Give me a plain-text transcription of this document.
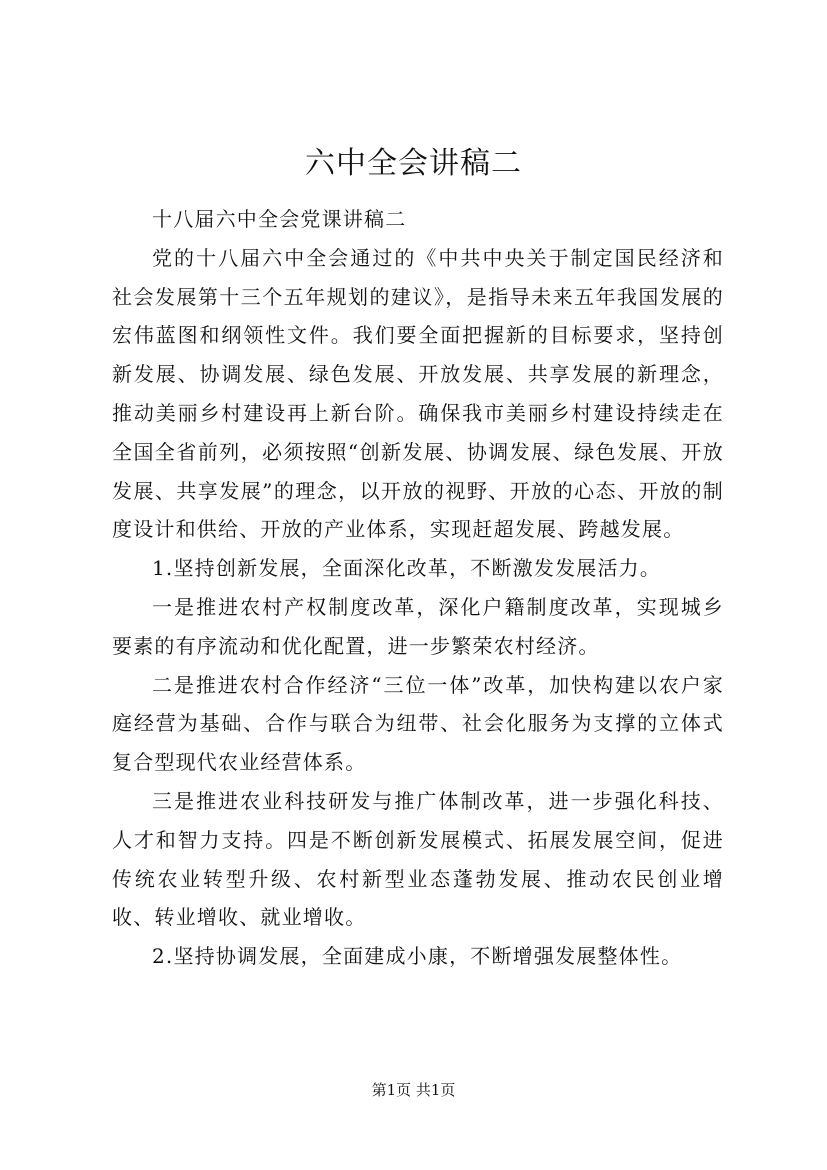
六中全会讲稿二

十八届六中全会党课讲稿二

党的十八届六中全会通过的《中共中央关于制定国民经济和社会发展第十三个五年规划的建议》，是指导未来五年我国发展的宏伟蓝图和纲领性文件。我们要全面把握新的目标要求，坚持创新发展、协调发展、绿色发展、开放发展、共享发展的新理念，推动美丽乡村建设再上新台阶。确保我市美丽乡村建设持续走在全国全省前列，必须按照“创新发展、协调发展、绿色发展、开放发展、共享发展”的理念，以开放的视野、开放的心态、开放的制度设计和供给、开放的产业体系，实现赶超发展、跨越发展。

1.坚持创新发展，全面深化改革，不断激发发展活力。

一是推进农村产权制度改革，深化户籍制度改革，实现城乡要素的有序流动和优化配置，进一步繁荣农村经济。

二是推进农村合作经济“三位一体”改革，加快构建以农户家庭经营为基础、合作与联合为纽带、社会化服务为支撑的立体式复合型现代农业经营体系。

三是推进农业科技研发与推广体制改革，进一步强化科技、人才和智力支持。四是不断创新发展模式、拓展发展空间，促进传统农业转型升级、农村新型业态蓬勃发展、推动农民创业增收、转业增收、就业增收。

2.坚持协调发展，全面建成小康，不断增强发展整体性。

第1页 共1页
